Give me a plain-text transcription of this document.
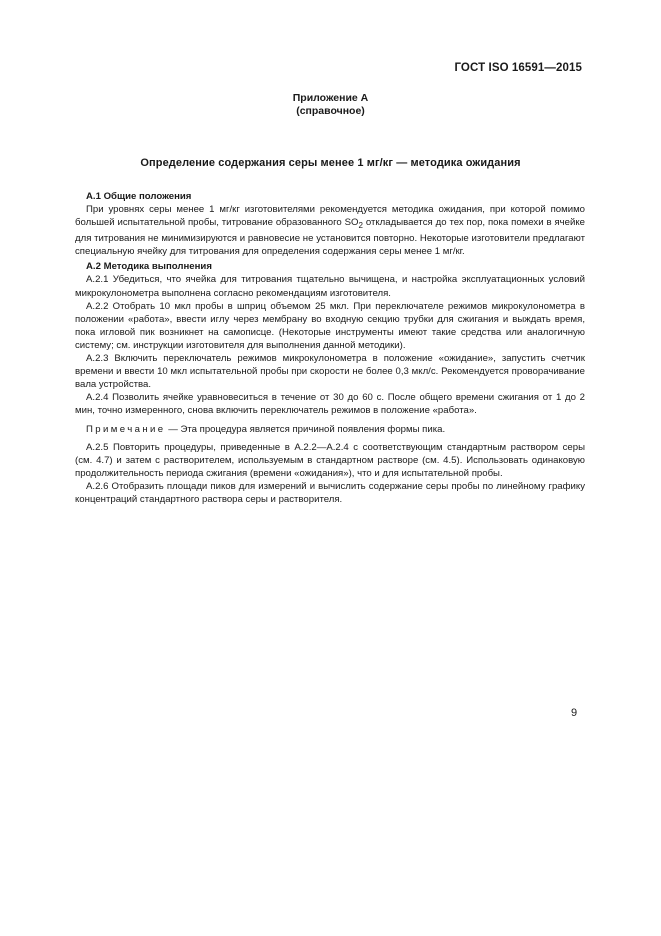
ГОСТ ISO 16591—2015
Приложение А
(справочное)
Определение содержания серы менее 1 мг/кг — методика ожидания
А.1 Общие положения

При уровнях серы менее 1 мг/кг изготовителями рекомендуется методика ожидания, при которой помимо большей испытательной пробы, титрование образованного $SO_2$ откладывается до тех пор, пока помехи в ячейке для титрования не минимизируются и равновесие не установится повторно. Некоторые изготовители предлагают специальную ячейку для титрования для определения содержания серы менее 1 мг/кг.

А.2 Методика выполнения

А.2.1 Убедиться, что ячейка для титрования тщательно вычищена, и настройка эксплуатационных условий микрокулонометра выполнена согласно рекомендациям изготовителя.

А.2.2 Отобрать 10 мкл пробы в шприц объемом 25 мкл. При переключателе режимов микрокулонометра в положении «работа», ввести иглу через мембрану во входную секцию трубки для сжигания и выждать время, пока игловой пик возникнет на самописце. (Некоторые инструменты имеют такие средства или аналогичную систему; см. инструкции изготовителя для выполнения данной методики).

А.2.3 Включить переключатель режимов микрокулонометра в положение «ожидание», запустить счетчик времени и ввести 10 мкл испытательной пробы при скорости не более 0,3 мкл/с. Рекомендуется проворачивание вала устройства.

А.2.4 Позволить ячейке уравновеситься в течение от 30 до 60 с. После общего времени сжигания от 1 до 2 мин, точно измеренного, снова включить переключатель режимов в положение «работа».

Примечание — Эта процедура является причиной появления формы пика.

А.2.5 Повторить процедуры, приведенные в А.2.2—А.2.4 с соответствующим стандартным раствором серы (см. 4.7) и затем с растворителем, используемым в стандартном растворе (см. 4.5). Использовать одинаковую продолжительность периода сжигания (времени «ожидания»), что и для испытательной пробы.

А.2.6 Отобразить площади пиков для измерений и вычислить содержание серы пробы по линейному графику концентраций стандартного раствора серы и растворителя.

9
